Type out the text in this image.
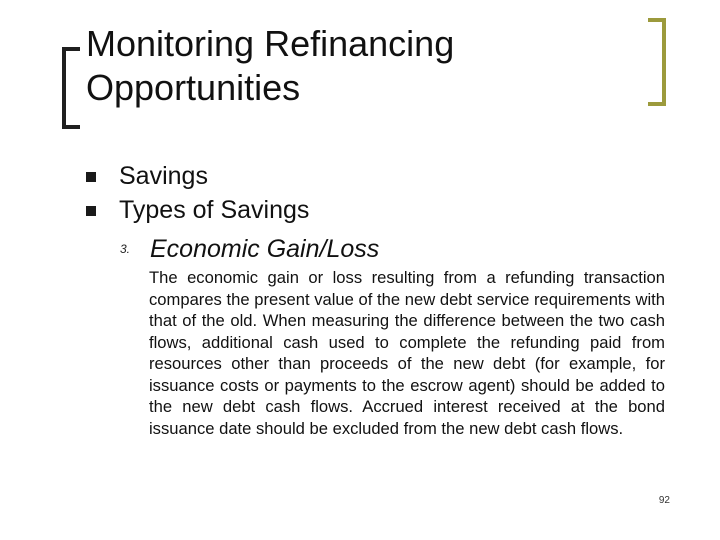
Monitoring Refinancing Opportunities
Savings
Types of Savings
3. Economic Gain/Loss

The economic gain or loss resulting from a refunding transaction compares the present value of the new debt service requirements with that of the old. When measuring the difference between the two cash flows, additional cash used to complete the refunding paid from resources other than proceeds of the new debt (for example, for issuance costs or payments to the escrow agent) should be added to the new debt cash flows. Accrued interest received at the bond issuance date should be excluded from the new debt cash flows.

92
